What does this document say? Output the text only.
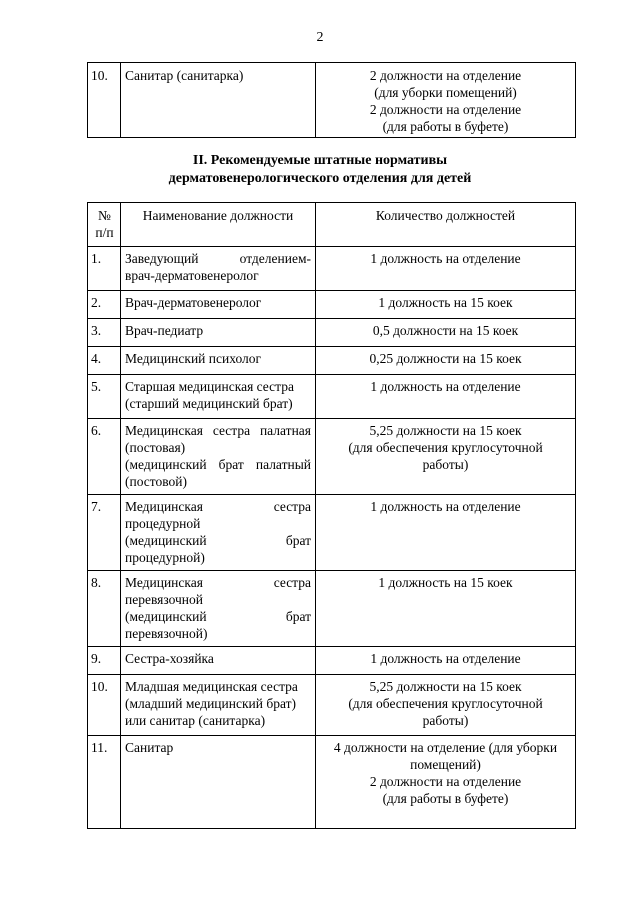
2
10.	Санитар (санитарка)	2 должности на отделение
(для уборки помещений)
2 должности на отделение
(для работы в буфете)
II. Рекомендуемые штатные нормативы
дерматовенерологического отделения для детей
№
п/п	Наименование должности	Количество должностей
1.	Заведующий отделением-
врач-дерматовенеролог	1 должность на отделение

2.	Врач-дерматовенеролог	1 должность на 15 коек

3.	Врач-педиатр	0,5 должности на 15 коек

4.	Медицинский психолог	0,25 должности на 15 коек

5.	Старшая медицинская сестра
(старший медицинский брат)	1 должность на отделение

6.	Медицинская сестра палатная
(постовая)
(медицинский брат палатный
(постовой)	5,25 должности на 15 коек
(для обеспечения круглосуточной
работы)

7.	Медицинская сестра
процедурной
(медицинский брат
процедурной)	1 должность на отделение

8.	Медицинская сестра
перевязочной
(медицинский брат
перевязочной)	1 должность на 15 коек

9.	Сестра-хозяйка	1 должность на отделение

10.	Младшая медицинская сестра
(младший медицинский брат)
или санитар (санитарка)	5,25 должности на 15 коек
(для обеспечения круглосуточной
работы)

11.	Санитар	4 должности на отделение (для уборки
помещений)
2 должности на отделение
(для работы в буфете)
